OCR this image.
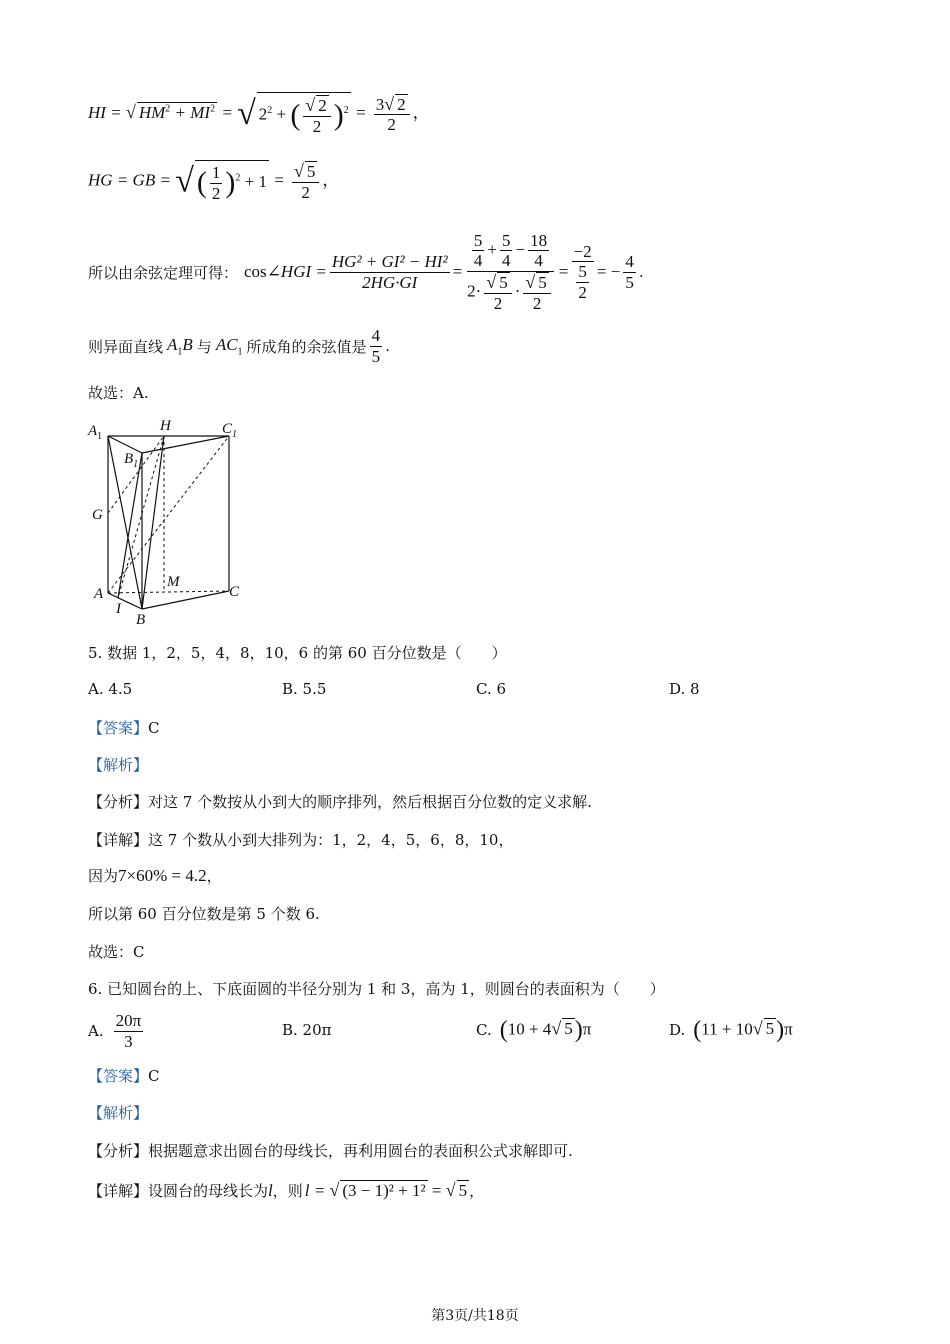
HI = √ $HM^2 + MI^2$ = √ $2^2$ + ( $\frac{√ 2}{2} )^2 = \frac{3√ 2}{2}$ ，
HG = GB = √ ( $\frac{1}{2} )^2 + 1 = \frac{√ 5}{2}$ ，
所以由余弦定理可得： cos∠HGI = $\frac{\text{HG² + GI² − HI²}}{2HG\cdot GI} = \frac{\frac{5}{4} + \frac{5}{4} - \frac{18}{4}}{2\cdot \frac{√ 5}{2} \cdot \frac{√ 5}{2}} = \frac{-2}{\frac{5}{2}}$ = − $\frac{4}{5}$ .
则异面直线 $A_1B$ 与 $AC_1$ 所成角的余弦值是 $\frac{4}{5}$ .
故选：A.
$A_1$
H	$C_1$
$B_1$
G
M
A	C
I
B
5. 数据 1，2，5，4，8，10，6 的第 60 百分位数是（　　）
A. 4.5	B. 5.5	C. 6	D. 8
【答案】C
【解析】
【分析】对这 7 个数按从小到大的顺序排列，然后根据百分位数的定义求解.
【详解】这 7 个数从小到大排列为：1，2，4，5，6，8，10，
因为7×60% = 4.2，
所以第 60 百分位数是第 5 个数 6.
故选：C
6. 已知圆台的上、下底面圆的半径分别为 1 和 3，高为 1，则圆台的表面积为（　　）
A. $\frac{20\pi}{3}$	B. 20π	C. (10 + 4√ 5)π	D. (11 + 10√ 5)π
【答案】C
【解析】
【分析】根据题意求出圆台的母线长，再利用圆台的表面积公式求解即可.
【详解】 设圆台的母线长为 l ，则 l = √ (3 − 1)² + 1² = √ 5 ，
第3页/共18页
